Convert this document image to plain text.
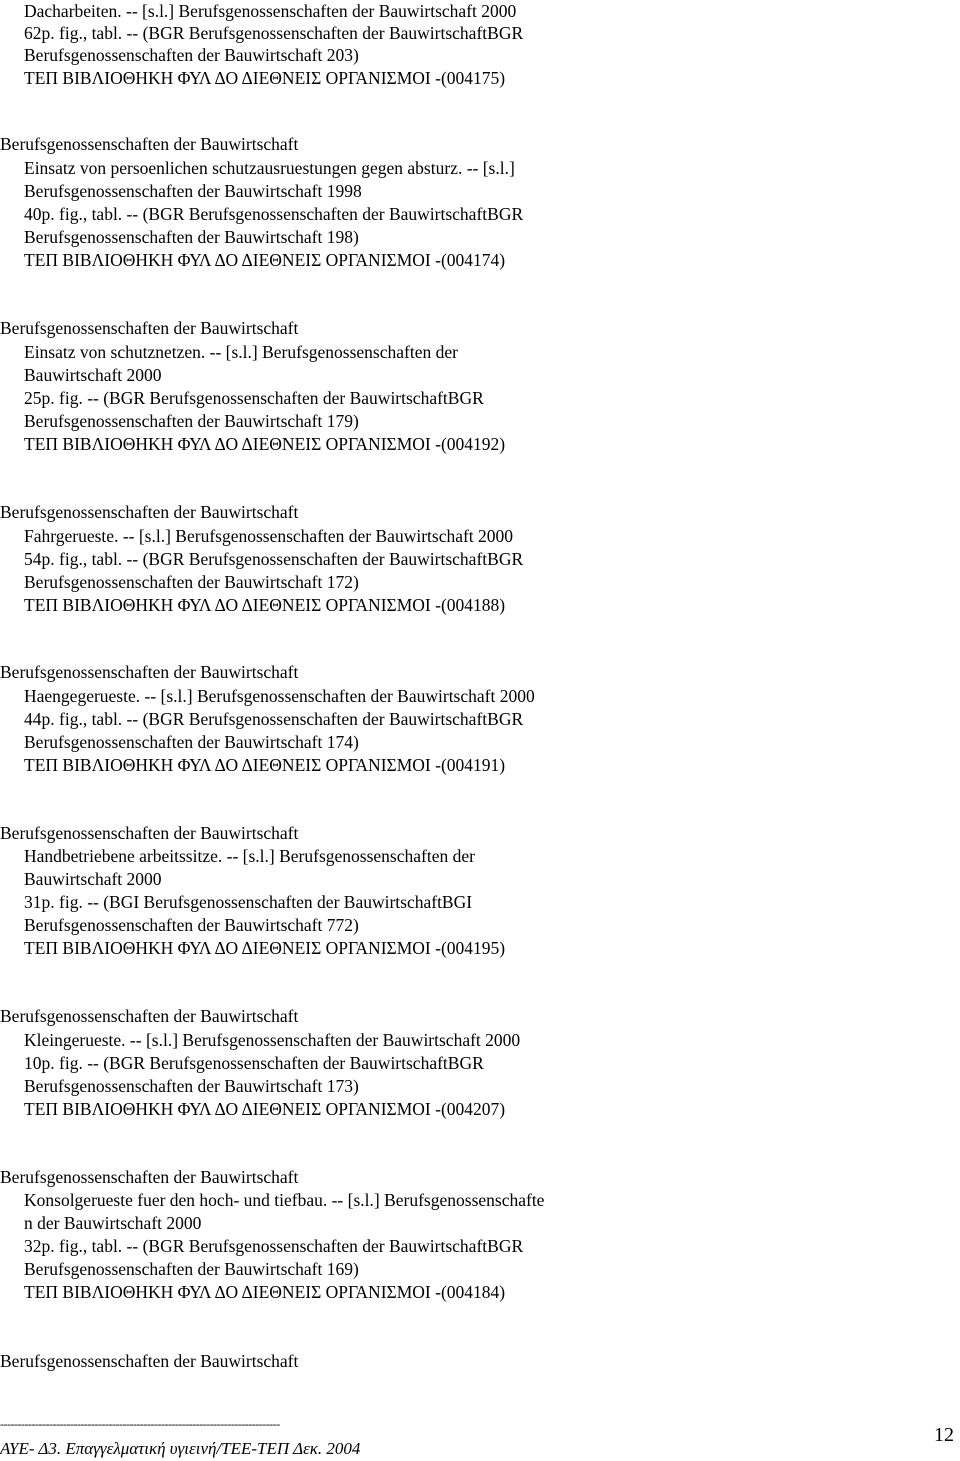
Dacharbeiten. -- [s.l.] Berufsgenossenschaften der Bauwirtschaft 2000
62p. fig., tabl. -- (BGR Berufsgenossenschaften der BauwirtschaftBGR
Berufsgenossenschaften der Bauwirtschaft 203)
ΤΕΠ ΒΙΒΛΙΟΘΗΚΗ ΦΥΛ ΔΟ ΔΙΕΘΝΕΙΣ ΟΡΓΑΝΙΣΜΟΙ -(004175)
Berufsgenossenschaften der Bauwirtschaft
Einsatz von persoenlichen schutzausruestungen gegen absturz. -- [s.l.]
Berufsgenossenschaften der Bauwirtschaft 1998
40p. fig., tabl. -- (BGR Berufsgenossenschaften der BauwirtschaftBGR
Berufsgenossenschaften der Bauwirtschaft 198)
ΤΕΠ ΒΙΒΛΙΟΘΗΚΗ ΦΥΛ ΔΟ ΔΙΕΘΝΕΙΣ ΟΡΓΑΝΙΣΜΟΙ -(004174)
Berufsgenossenschaften der Bauwirtschaft
Einsatz von schutznetzen. -- [s.l.] Berufsgenossenschaften der
Bauwirtschaft 2000
25p. fig. -- (BGR Berufsgenossenschaften der BauwirtschaftBGR
Berufsgenossenschaften der Bauwirtschaft 179)
ΤΕΠ ΒΙΒΛΙΟΘΗΚΗ ΦΥΛ ΔΟ ΔΙΕΘΝΕΙΣ ΟΡΓΑΝΙΣΜΟΙ -(004192)
Berufsgenossenschaften der Bauwirtschaft
Fahrgerueste. -- [s.l.] Berufsgenossenschaften der Bauwirtschaft 2000
54p. fig., tabl. -- (BGR Berufsgenossenschaften der BauwirtschaftBGR
Berufsgenossenschaften der Bauwirtschaft 172)
ΤΕΠ ΒΙΒΛΙΟΘΗΚΗ ΦΥΛ ΔΟ ΔΙΕΘΝΕΙΣ ΟΡΓΑΝΙΣΜΟΙ -(004188)
Berufsgenossenschaften der Bauwirtschaft
Haengegerueste. -- [s.l.] Berufsgenossenschaften der Bauwirtschaft 2000
44p. fig., tabl. -- (BGR Berufsgenossenschaften der BauwirtschaftBGR
Berufsgenossenschaften der Bauwirtschaft 174)
ΤΕΠ ΒΙΒΛΙΟΘΗΚΗ ΦΥΛ ΔΟ ΔΙΕΘΝΕΙΣ ΟΡΓΑΝΙΣΜΟΙ -(004191)
Berufsgenossenschaften der Bauwirtschaft
Handbetriebene arbeitssitze. -- [s.l.] Berufsgenossenschaften der
Bauwirtschaft 2000
31p. fig. -- (BGI Berufsgenossenschaften der BauwirtschaftBGI
Berufsgenossenschaften der Bauwirtschaft 772)
ΤΕΠ ΒΙΒΛΙΟΘΗΚΗ ΦΥΛ ΔΟ ΔΙΕΘΝΕΙΣ ΟΡΓΑΝΙΣΜΟΙ -(004195)
Berufsgenossenschaften der Bauwirtschaft
Kleingerueste. -- [s.l.] Berufsgenossenschaften der Bauwirtschaft 2000
10p. fig. -- (BGR Berufsgenossenschaften der BauwirtschaftBGR
Berufsgenossenschaften der Bauwirtschaft 173)
ΤΕΠ ΒΙΒΛΙΟΘΗΚΗ ΦΥΛ ΔΟ ΔΙΕΘΝΕΙΣ ΟΡΓΑΝΙΣΜΟΙ -(004207)
Berufsgenossenschaften der Bauwirtschaft
Konsolgerueste fuer den hoch- und tiefbau. -- [s.l.] Berufsgenossenschafte
n der Bauwirtschaft 2000
32p. fig., tabl. -- (BGR Berufsgenossenschaften der BauwirtschaftBGR
Berufsgenossenschaften der Bauwirtschaft 169)
ΤΕΠ ΒΙΒΛΙΟΘΗΚΗ ΦΥΛ ΔΟ ΔΙΕΘΝΕΙΣ ΟΡΓΑΝΙΣΜΟΙ -(004184)
Berufsgenossenschaften der Bauwirtschaft
--------------------------------------------------------------------------------
ΑΥΕ- Δ3. Επαγγελματική υγιεινή/ΤΕΕ-ΤΕΠ Δεκ. 2004
12
